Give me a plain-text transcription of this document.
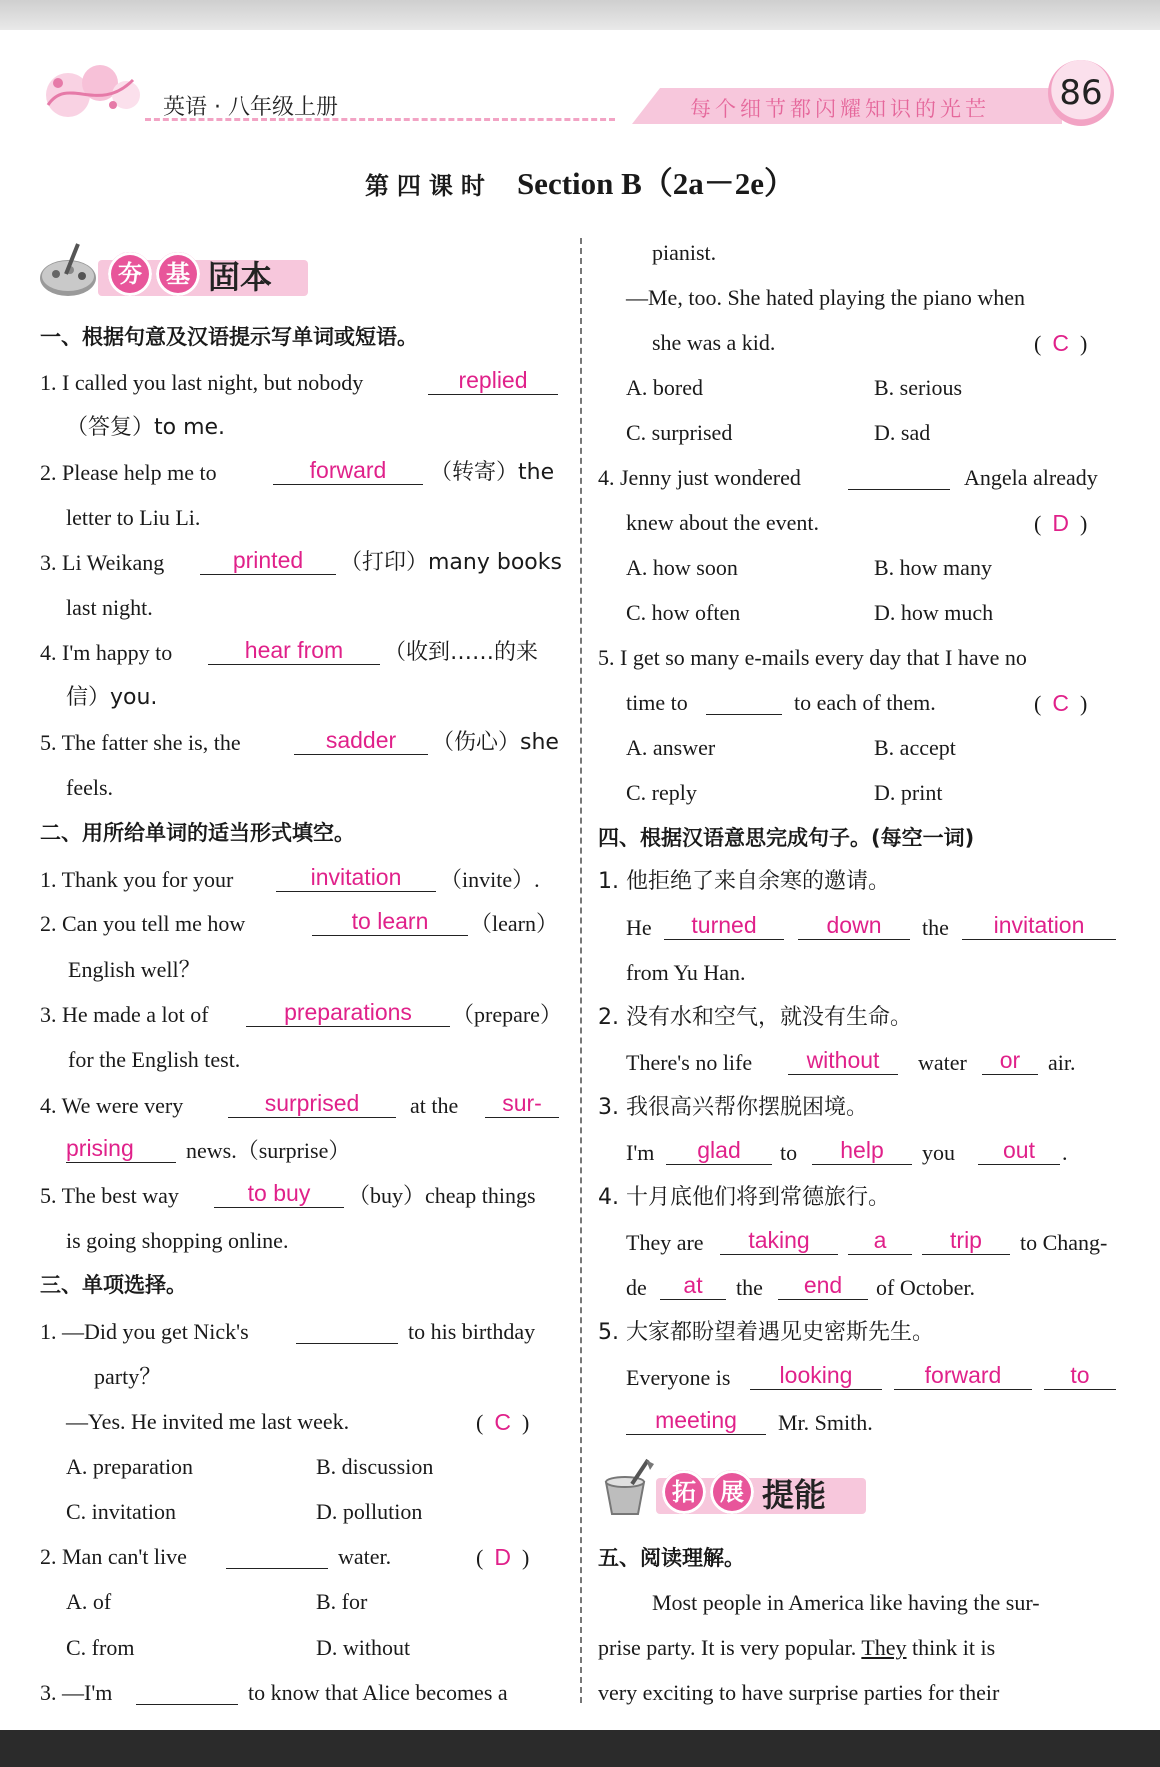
英语 · 八年级上册	每个细节都闪耀知识的光芒	86
第四课时 Section B（2a－2e）
夯	基 固本
一、根据句意及汉语提示写单词或短语。
1. I called you last night, but nobody	replied
（答复）to me.
2. Please help me to	forward	（转寄）the
letter to Liu Li.
3. Li Weikang	printed	（打印）many books
last night.
4. I'm happy to	hear from	（收到……的来
信）you.
5. The fatter she is, the	sadder	（伤心）she
feels.
二、用所给单词的适当形式填空。
1. Thank you for your	invitation	（invite）.
2. Can you tell me how	to learn	（learn）
English well？
3. He made a lot of	preparations	（prepare）
for the English test.
4. We were very	surprised	at the	sur-
prising	news.（surprise）
5. The best way	to buy	（buy）cheap things
is going shopping online.
三、单项选择。
1. —Did you get Nick's	to his birthday
party？
—Yes. He invited me last week.	(  C  )
A. preparation	B. discussion
C. invitation	D. pollution
2. Man can't live	water.	(  D  )
A. of	B. for
C. from	D. without
3. —I'm	to know that Alice becomes a
pianist.
—Me, too. She hated playing the piano when
she was a kid.	(  C  )
A. bored	B. serious
C. surprised	D. sad
4. Jenny just wondered	Angela already
knew about the event.	(  D  )
A. how soon	B. how many
C. how often	D. how much
5. I get so many e-mails every day that I have no
time to	to each of them.	(  C  )
A. answer	B. accept
C. reply	D. print
四、根据汉语意思完成句子。(每空一词)
1. 他拒绝了来自余寒的邀请。
He	turned	down	the	invitation
from Yu Han.
2. 没有水和空气，就没有生命。
There's no life	without	water	or	air.
3. 我很高兴帮你摆脱困境。
I'm	glad	to	help	you	out	.
4. 十月底他们将到常德旅行。
They are	taking	a	trip	to Chang-
de	at	the	end	of October.
5. 大家都盼望着遇见史密斯先生。
Everyone is	looking	forward	to
meeting	Mr. Smith.
拓	展 提能
五、阅读理解。
Most people in America like having the sur-
prise party. It is very popular. They think it is
very exciting to have surprise parties for their
